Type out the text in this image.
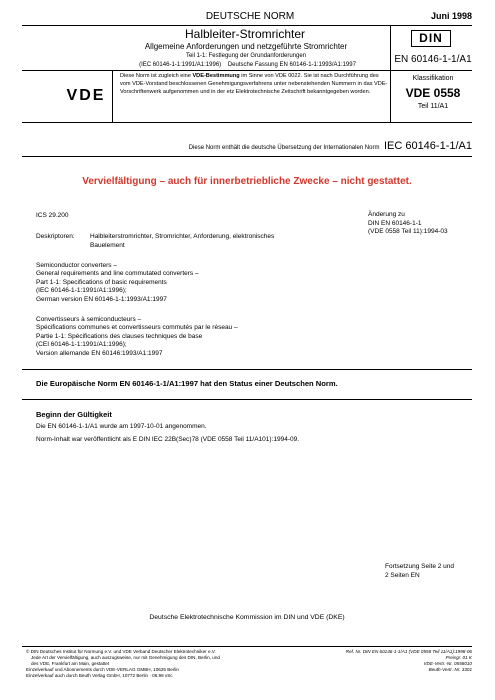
DEUTSCHE NORM	Juni 1998
Halbleiter-Stromrichter
Allgemeine Anforderungen und netzgeführte Stromrichter
Teil 1-1: Festlegung der Grundanforderungen
(IEC 60146-1-1:1991/A1:1996)    Deutsche Fassung EN 60146-1-1:1993/A1:1997
DIN
EN 60146-1-1/A1
VDE
Diese Norm ist zugleich eine VDE-Bestimmung im Sinne von VDE 0022. Sie ist nach Durchführung des vom VDE-Vorstand beschlossenen Genehmigungsverfahrens unter nebenstehenden Nummern in das VDE-Vorschriftenwerk aufgenommen und in der etz Elektrotechnische Zeitschrift bekanntgegeben worden.
Klassifikation
VDE 0558
Teil 11/A1
Diese Norm enthält die deutsche Übersetzung der Internationalen Norm IEC 60146-1-1/A1
Vervielfältigung – auch für innerbetriebliche Zwecke – nicht gestattet.
ICS 29.200	Änderung zu
DIN EN 60146-1-1
(VDE 0558 Teil 11):1994-03
Deskriptoren: Halbleiterstromrichter, Stromrichter, Anforderung, elektronisches
Bauelement
Semiconductor converters –
General requirements and line commutated converters –
Part 1-1: Specifications of basic requirements
(IEC 60146-1-1:1991/A1:1996);
German version EN 60146-1-1:1993/A1:1997
Convertisseurs à semiconducteurs –
Spécifications communes et convertisseurs commutés par le réseau –
Partie 1-1: Spécifications des clauses techniques de base
(CEI 60146-1-1:1991/A1:1996);
Version allemande EN 60146:1993/A1:1997
Die Europäische Norm EN 60146-1-1/A1:1997 hat den Status einer Deutschen Norm.
Beginn der Gültigkeit
Die EN 60146-1-1/A1 wurde am 1997-10-01 angenommen.
Norm-Inhalt war veröffentlicht als E DIN IEC 22B(Sec)78 (VDE 0558 Teil 11/A101):1994-09.
Fortsetzung Seite 2 und
2 Seiten EN
Deutsche Elektrotechnische Kommission im DIN und VDE (DKE)
© DIN Deutsches Institut für Normung e.V. und VDE Verband Deutscher Elektrotechniker e.V.
Jede Art der Vervielfältigung, auch auszugsweise, nur mit Genehmigung des DIN, Berlin, und
des VDE, Frankfurt am Main, gestattet
Einzelverkauf und Abonnements durch VDE-VERLAG GMBH, 10625 Berlin
Einzelverkauf auch durch Beuth Verlag GmbH, 10772 Berlin · 06.98 vSc
Ref. Nr. DIN EN 60146-1-1/A1 (VDE 0558 Teil 11/A1):1998-06
Preisgr. 01 K
VDE-Vertr.-Nr. 0558010
Beuth-Vertr.-Nr. 3301
